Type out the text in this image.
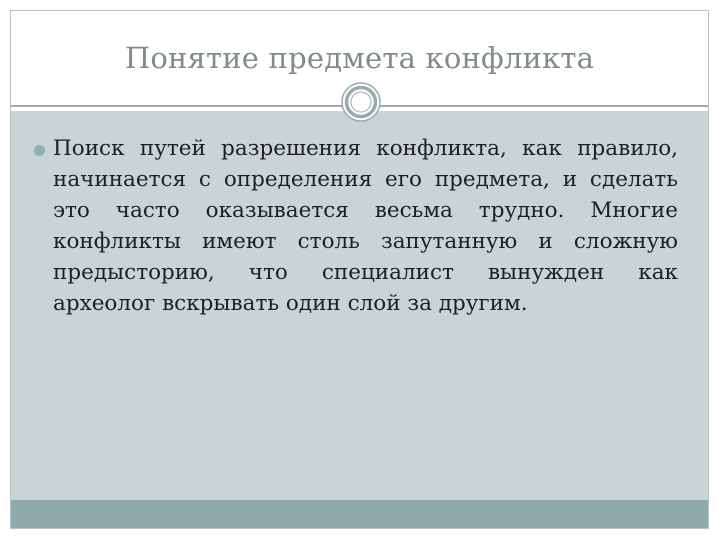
Понятие предмета конфликта
Поиск путей разрешения конфликта, как правило, начинается с определения его предмета, и сделать это часто оказывается весьма трудно. Многие конфликты имеют столь запутанную и сложную предысторию, что специалист вынужден как археолог вскрывать один слой за другим.
